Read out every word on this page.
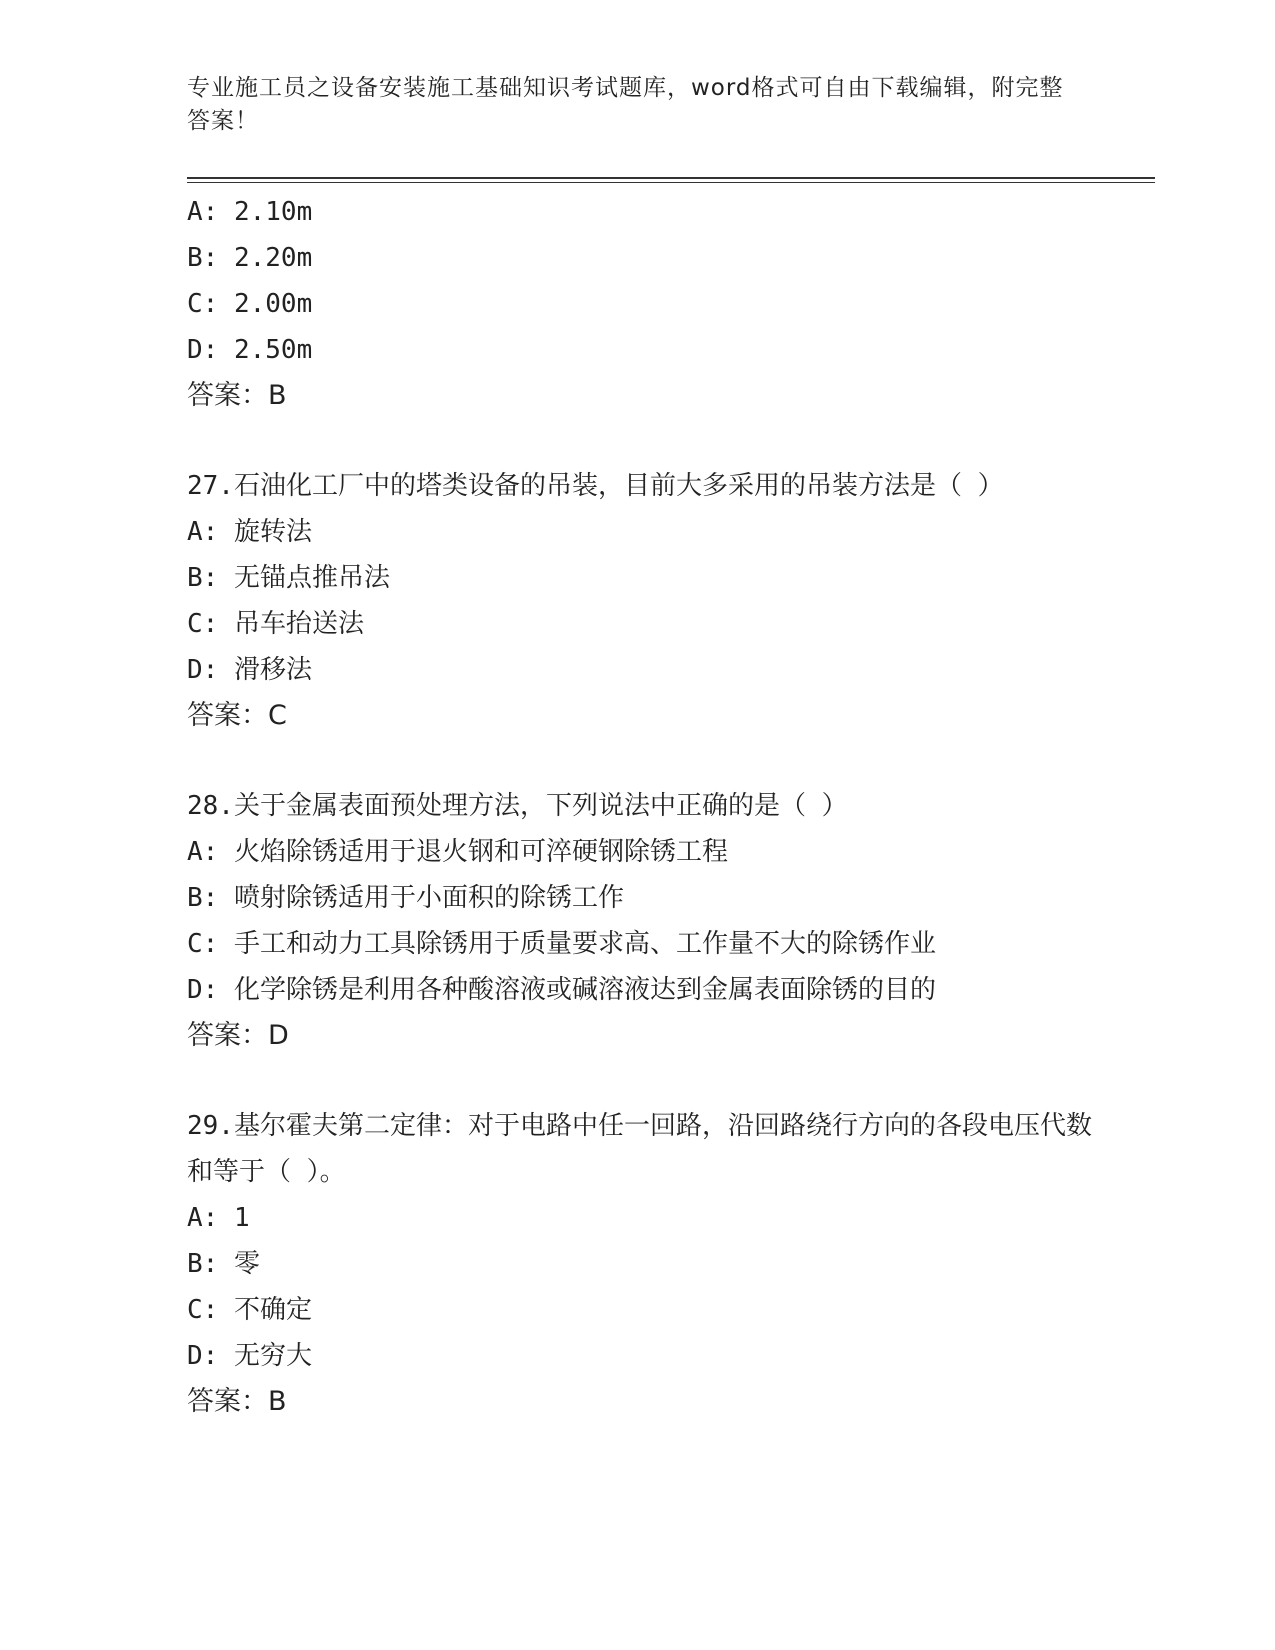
专业施工员之设备安装施工基础知识考试题库，word格式可自由下载编辑，附完整答案！
A: 2.10m
B: 2.20m
C: 2.00m
D: 2.50m
答案：B
27.石油化工厂中的塔类设备的吊装，目前大多采用的吊装方法是（ ）
A: 旋转法
B: 无锚点推吊法
C: 吊车抬送法
D: 滑移法
答案：C
28.关于金属表面预处理方法，下列说法中正确的是（ ）
A: 火焰除锈适用于退火钢和可淬硬钢除锈工程
B: 喷射除锈适用于小面积的除锈工作
C: 手工和动力工具除锈用于质量要求高、工作量不大的除锈作业
D: 化学除锈是利用各种酸溶液或碱溶液达到金属表面除锈的目的
答案：D
29.基尔霍夫第二定律：对于电路中任一回路，沿回路绕行方向的各段电压代数和等于（ ）。
A: 1
B: 零
C: 不确定
D: 无穷大
答案：B
